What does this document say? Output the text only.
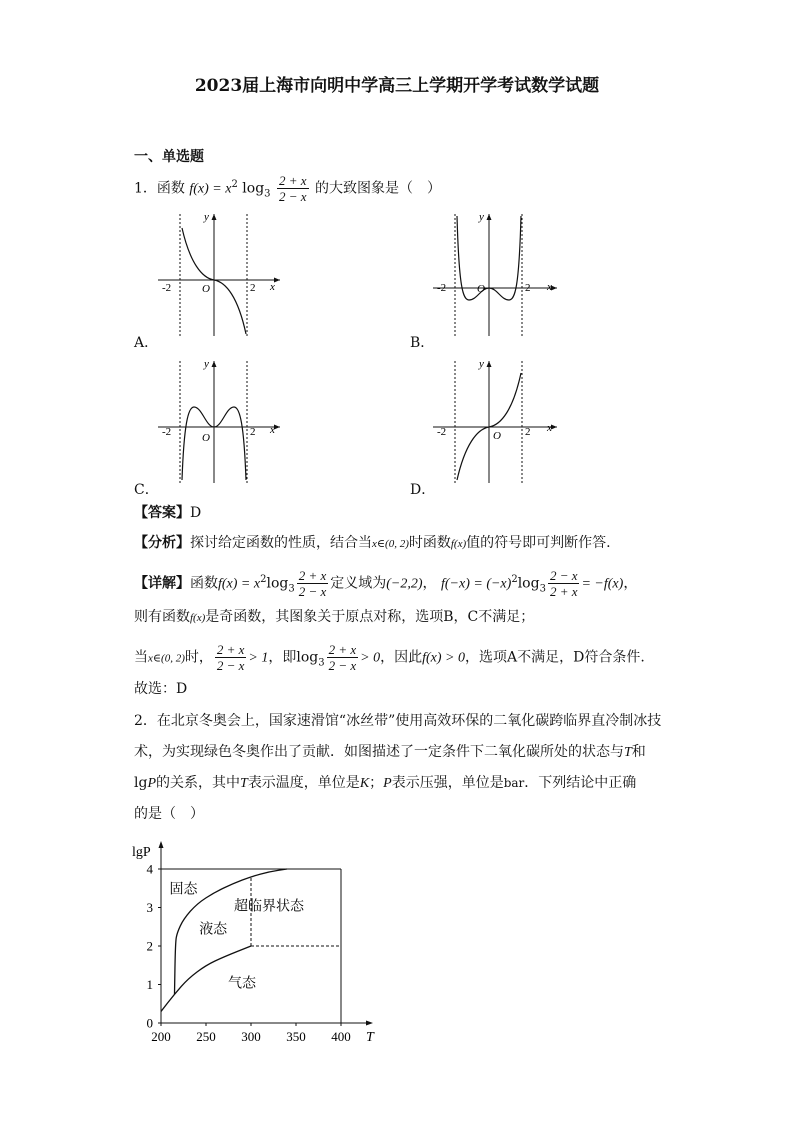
2023届上海市向明中学高三上学期开学考试数学试题
一、单选题
1．函数 $f(x) = x^2$ $\log_3 \frac{2 + x}{2 - x}$ 的大致图象是（　）
-2	O	2 x
y
A．
-2	O	2 x
y
B．
-2	O	2 x
y
C．
-2	O 2 x
y
D．
【答案】D
【分析】探讨给定函数的性质，结合当x∈(0, 2)时函数f(x)值的符号即可判断作答.
【详解】函数$f(x) = x^2\log_3 \frac{2 + x}{2 - x}$ 定义域为(−2,2)， $f(-x) = (-x)^2\log_3 \frac{2 - x}{2 + x} = -f(x)$，
则有函数f(x)是奇函数，其图象关于原点对称，选项B，C不满足；
当x∈(0, 2)时， $\frac{2 + x}{2 - x} > 1$，即$\log_3 \frac{2 + x}{2 - x} > 0$，因此f(x) > 0，选项A不满足，D符合条件.
故选：D
2．在北京冬奥会上，国家速滑馆“冰丝带”使用高效环保的二氧化碳跨临界直冷制冰技
术，为实现绿色冬奥作出了贡献．如图描述了一定条件下二氧化碳所处的状态与T和
lgP的关系，其中T表示温度，单位是K；P表示压强，单位是bar．下列结论中正确
的是（　）
lgP
T
200 250 300 350 400
0
1
2
3
4
固态
液态
超临界状态
气态
